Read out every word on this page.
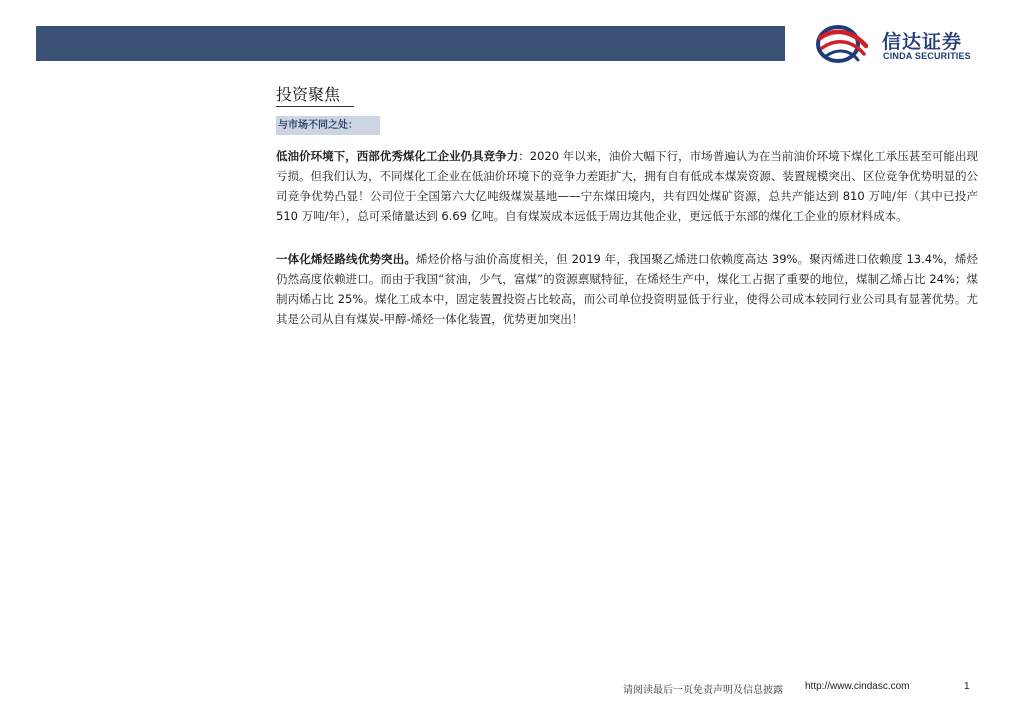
信达证券
CINDA SECURITIES
投资聚焦
与市场不同之处：
低油价环境下，西部优秀煤化工企业仍具竞争力：2020 年以来，油价大幅下行，市场普遍认为在当前油价环境下煤化工承压甚至可能出现亏损。但我们认为，不同煤化工企业在低油价环境下的竞争力差距扩大，拥有自有低成本煤炭资源、装置规模突出、区位竞争优势明显的公司竞争优势凸显！公司位于全国第六大亿吨级煤炭基地——宁东煤田境内，共有四处煤矿资源，总共产能达到 810 万吨/年（其中已投产 510 万吨/年），总可采储量达到 6.69 亿吨。自有煤炭成本远低于周边其他企业，更远低于东部的煤化工企业的原材料成本。
一体化烯烃路线优势突出。烯烃价格与油价高度相关，但 2019 年，我国聚乙烯进口依赖度高达 39%。聚丙烯进口依赖度 13.4%，烯烃仍然高度依赖进口。而由于我国“贫油，少气，富煤”的资源禀赋特征，在烯烃生产中，煤化工占据了重要的地位，煤制乙烯占比 24%；煤制丙烯占比 25%。煤化工成本中，固定装置投资占比较高，而公司单位投资明显低于行业，使得公司成本较同行业公司具有显著优势。尤其是公司从自有煤炭-甲醇-烯烃一体化装置，优势更加突出！
请阅读最后一页免责声明及信息披露 http://www.cindasc.com	1
